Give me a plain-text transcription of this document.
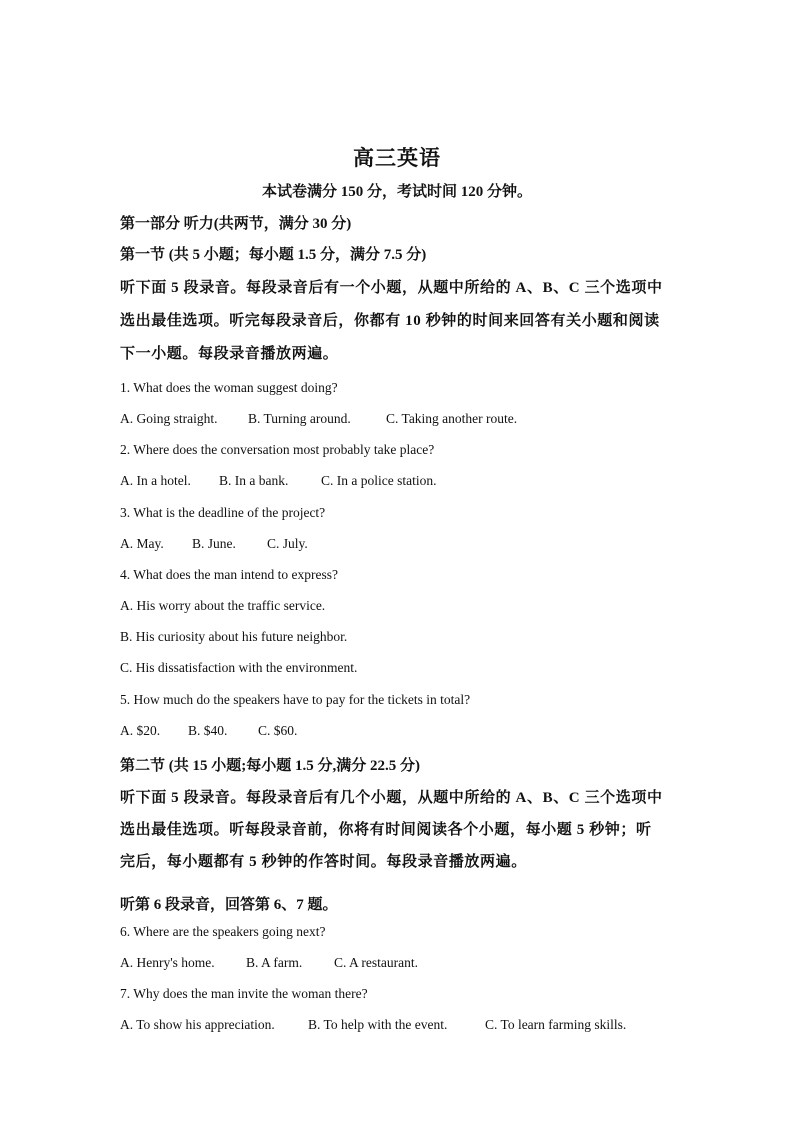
高三英语
本试卷满分 150 分，考试时间 120 分钟。
第一部分 听力(共两节，满分 30 分)
第一节 (共 5 小题；每小题 1.5 分，满分 7.5 分)
听下面 5 段录音。每段录音后有一个小题，从题中所给的 A、B、C 三个选项中
选出最佳选项。听完每段录音后，你都有 10 秒钟的时间来回答有关小题和阅读
下一小题。每段录音播放两遍。
1. What does the woman suggest doing?
A. Going straight. B. Turning around.	C. Taking another route.
2. Where does the conversation most probably take place?
A. In a hotel. B. In a bank. C. In a police station.
3. What is the deadline of the project?
A. May. B. June. C. July.
4. What does the man intend to express?
A. His worry about the traffic service.
B. His curiosity about his future neighbor.
C. His dissatisfaction with the environment.
5. How much do the speakers have to pay for the tickets in total?
A. $20. B. $40. C. $60.
第二节 (共 15 小题;每小题 1.5 分,满分 22.5 分)
听下面 5 段录音。每段录音后有几个小题，从题中所给的 A、B、C 三个选项中
选出最佳选项。听每段录音前，你将有时间阅读各个小题，每小题 5 秒钟；听
完后，每小题都有 5 秒钟的作答时间。每段录音播放两遍。
听第 6 段录音，回答第 6、7 题。
6. Where are the speakers going next?
A. Henry's home. B. A farm. C. A restaurant.
7. Why does the man invite the woman there?
A. To show his appreciation. B. To help with the event.	C. To learn farming skills.
